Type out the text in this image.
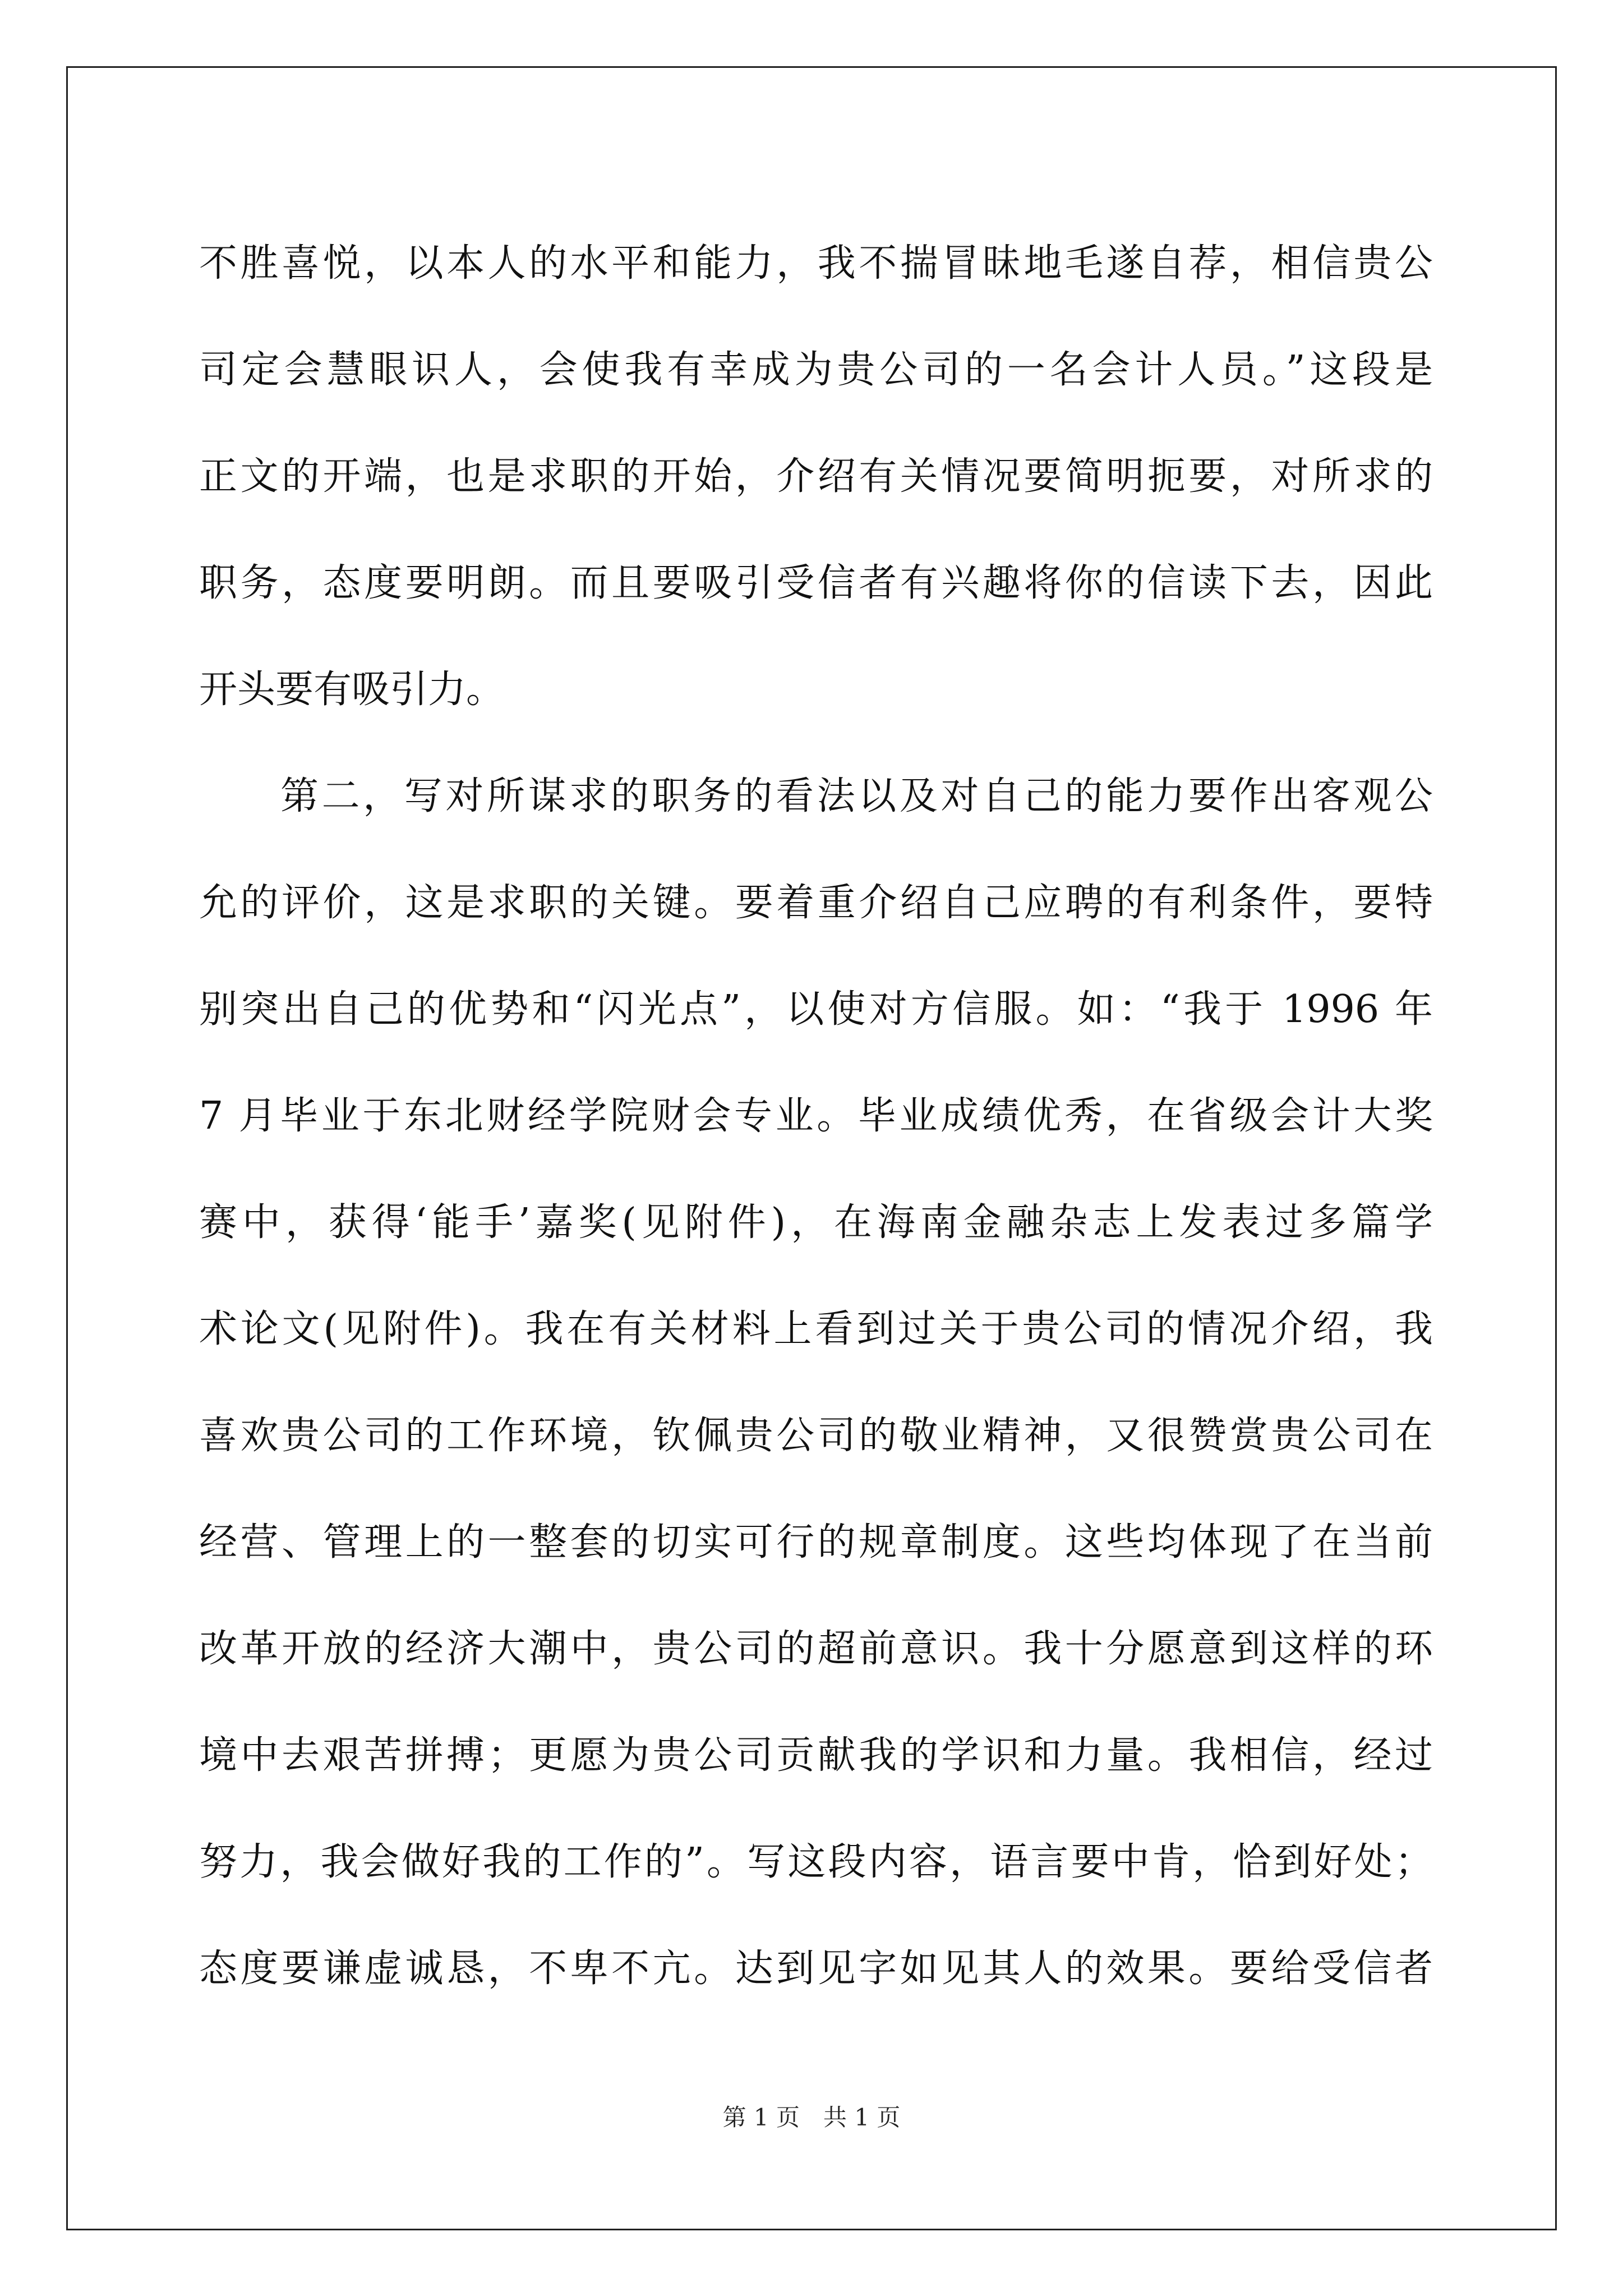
不胜喜悦，以本人的水平和能力，我不揣冒昧地毛遂自荐，相信贵公
司定会慧眼识人，会使我有幸成为贵公司的一名会计人员。”这段是
正文的开端，也是求职的开始，介绍有关情况要简明扼要，对所求的
职务，态度要明朗。而且要吸引受信者有兴趣将你的信读下去，因此
开头要有吸引力。
第二，写对所谋求的职务的看法以及对自己的能力要作出客观公
允的评价，这是求职的关键。要着重介绍自己应聘的有利条件，要特
别突出自己的优势和“闪光点”，以使对方信服。如：“我于 1996 年
7 月毕业于东北财经学院财会专业。毕业成绩优秀，在省级会计大奖
赛中，获得‘能手’嘉奖(见附件)，在海南金融杂志上发表过多篇学
术论文(见附件)。我在有关材料上看到过关于贵公司的情况介绍，我
喜欢贵公司的工作环境，钦佩贵公司的敬业精神，又很赞赏贵公司在
经营、管理上的一整套的切实可行的规章制度。这些均体现了在当前
改革开放的经济大潮中，贵公司的超前意识。我十分愿意到这样的环
境中去艰苦拼搏；更愿为贵公司贡献我的学识和力量。我相信，经过
努力，我会做好我的工作的”。写这段内容，语言要中肯，恰到好处；
态度要谦虚诚恳，不卑不亢。达到见字如见其人的效果。要给受信者
第 1 页　共 1 页
